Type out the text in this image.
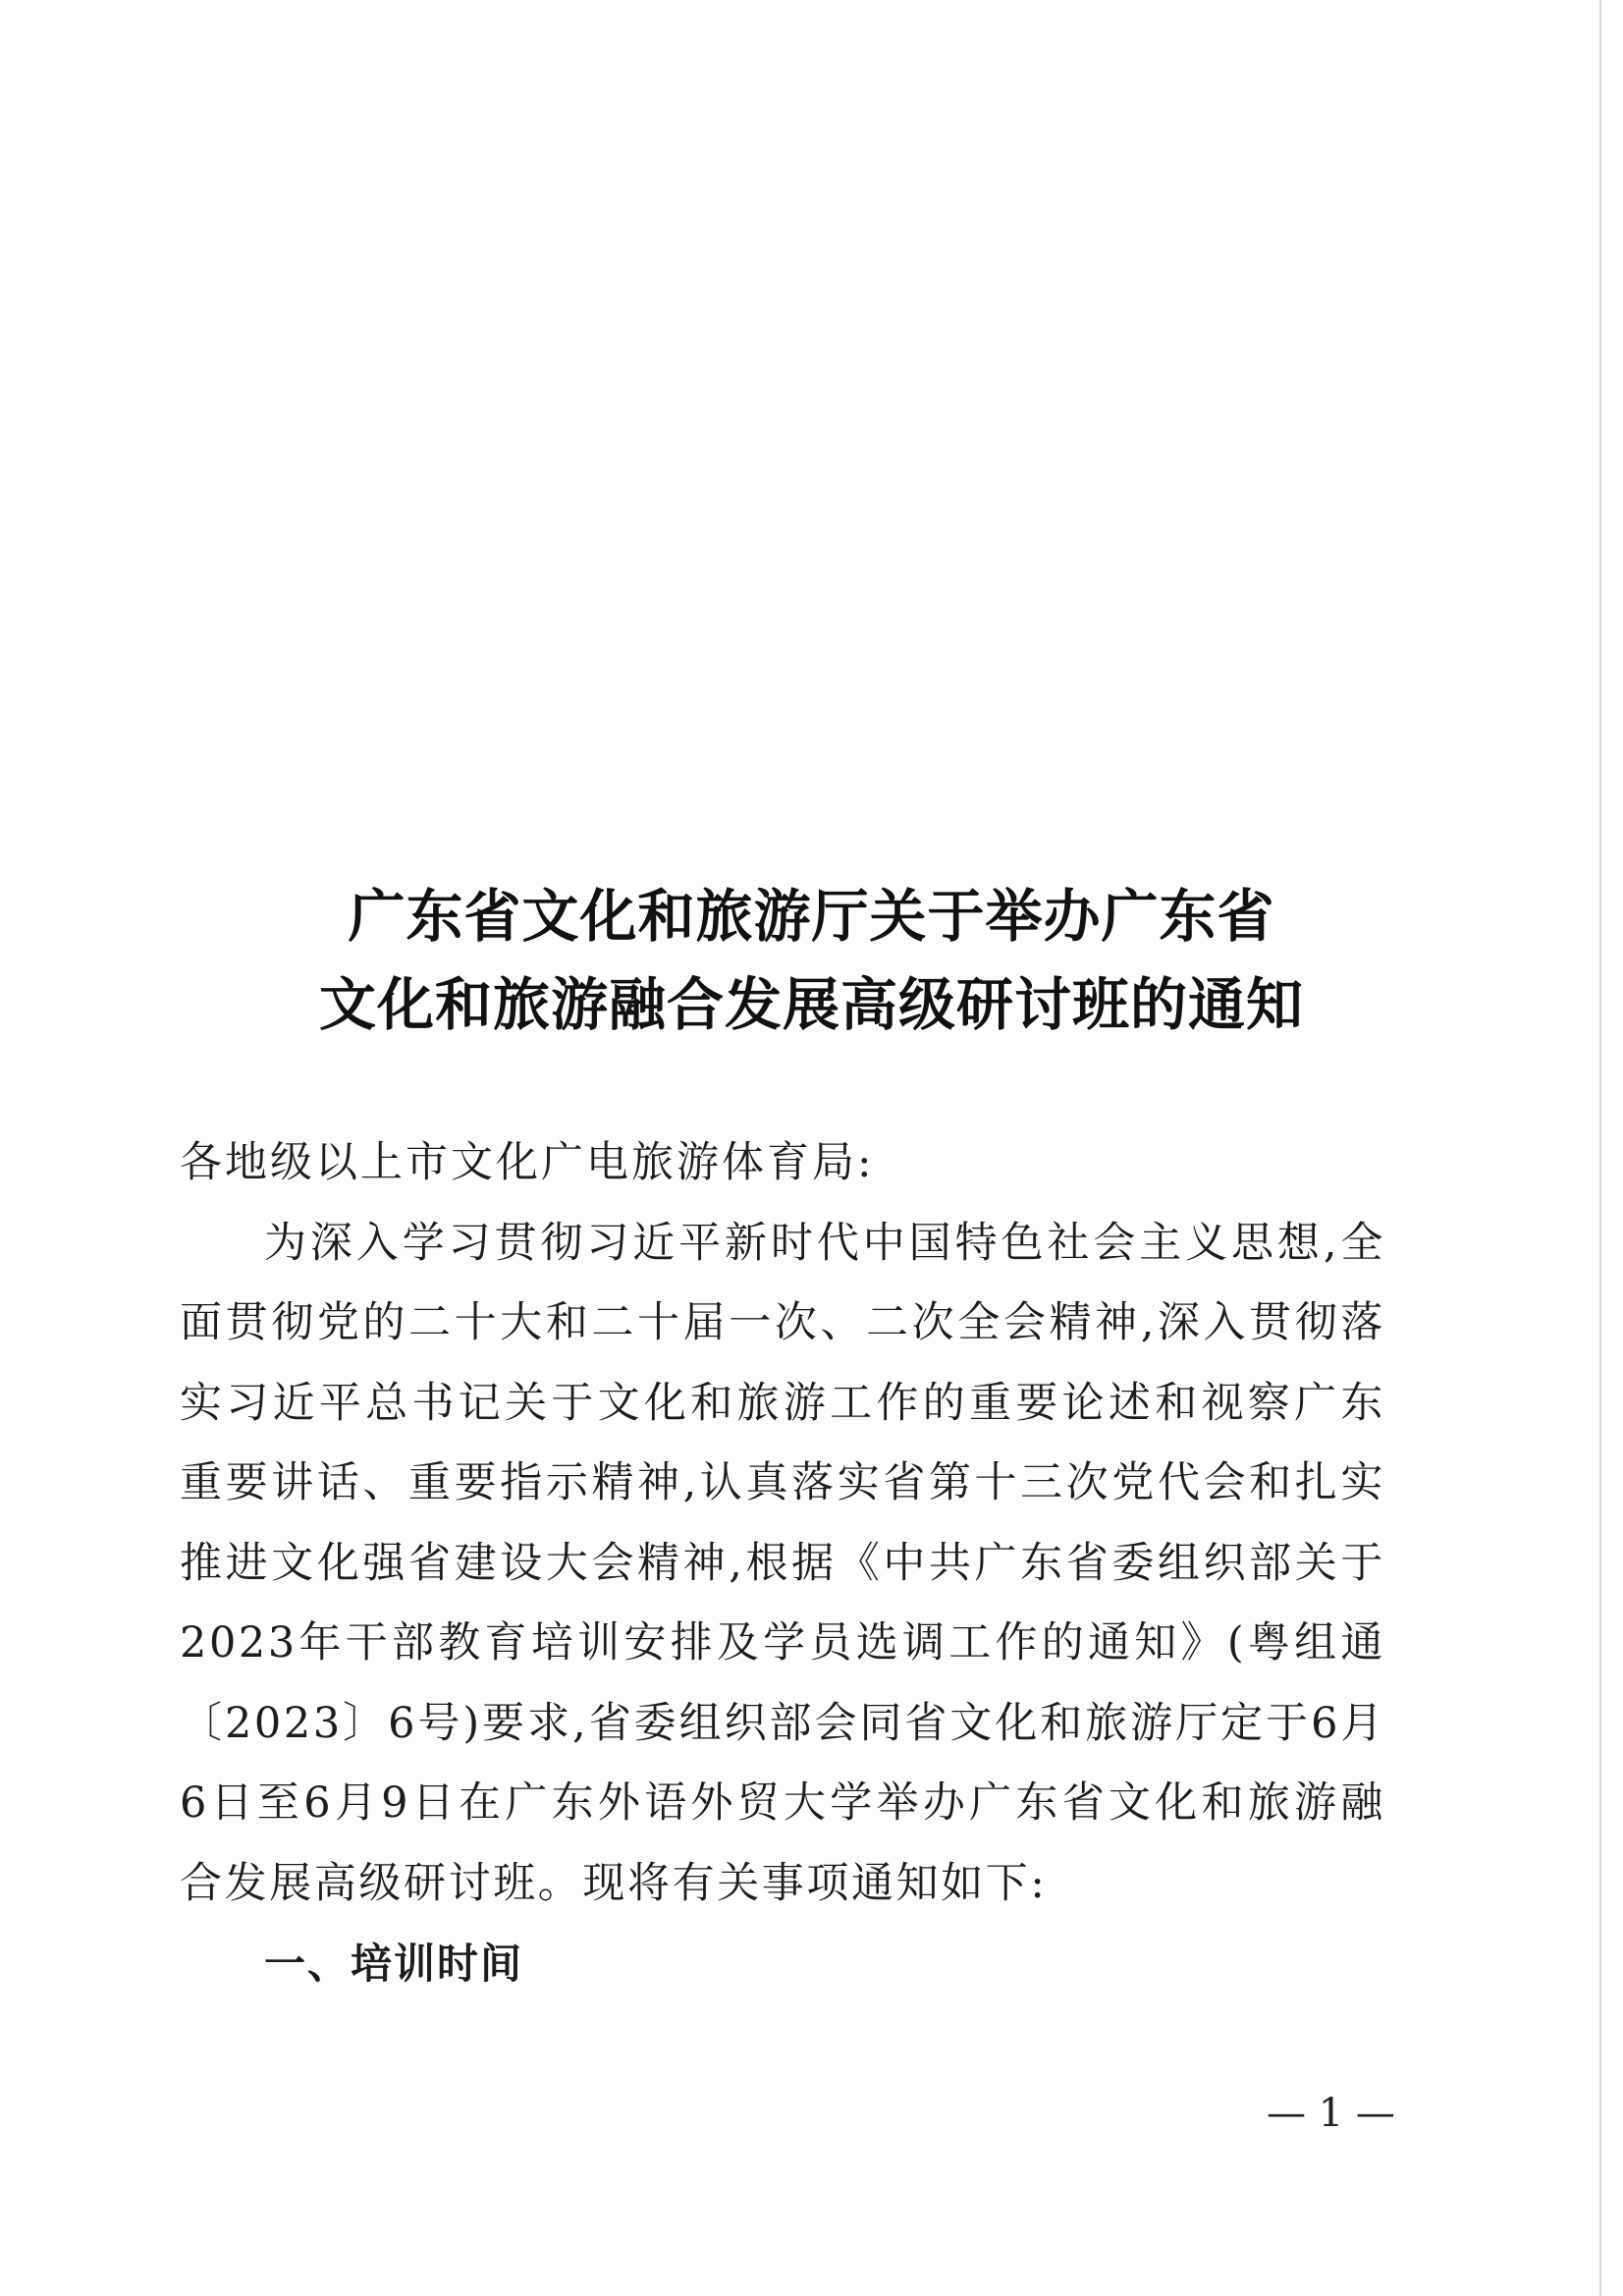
广东省文化和旅游厅关于举办广东省
文化和旅游融合发展高级研讨班的通知
各地级以上市文化广电旅游体育局:
为深入学习贯彻习近平新时代中国特色社会主义思想,全面贯彻党的二十大和二十届一次、二次全会精神,深入贯彻落实习近平总书记关于文化和旅游工作的重要论述和视察广东重要讲话、重要指示精神,认真落实省第十三次党代会和扎实推进文化强省建设大会精神,根据《中共广东省委组织部关于2023年干部教育培训安排及学员选调工作的通知》(粤组通〔2023〕6号)要求,省委组织部会同省文化和旅游厅定于6月6日至6月9日在广东外语外贸大学举办广东省文化和旅游融合发展高级研讨班。现将有关事项通知如下:
一、培训时间
— 1 —
